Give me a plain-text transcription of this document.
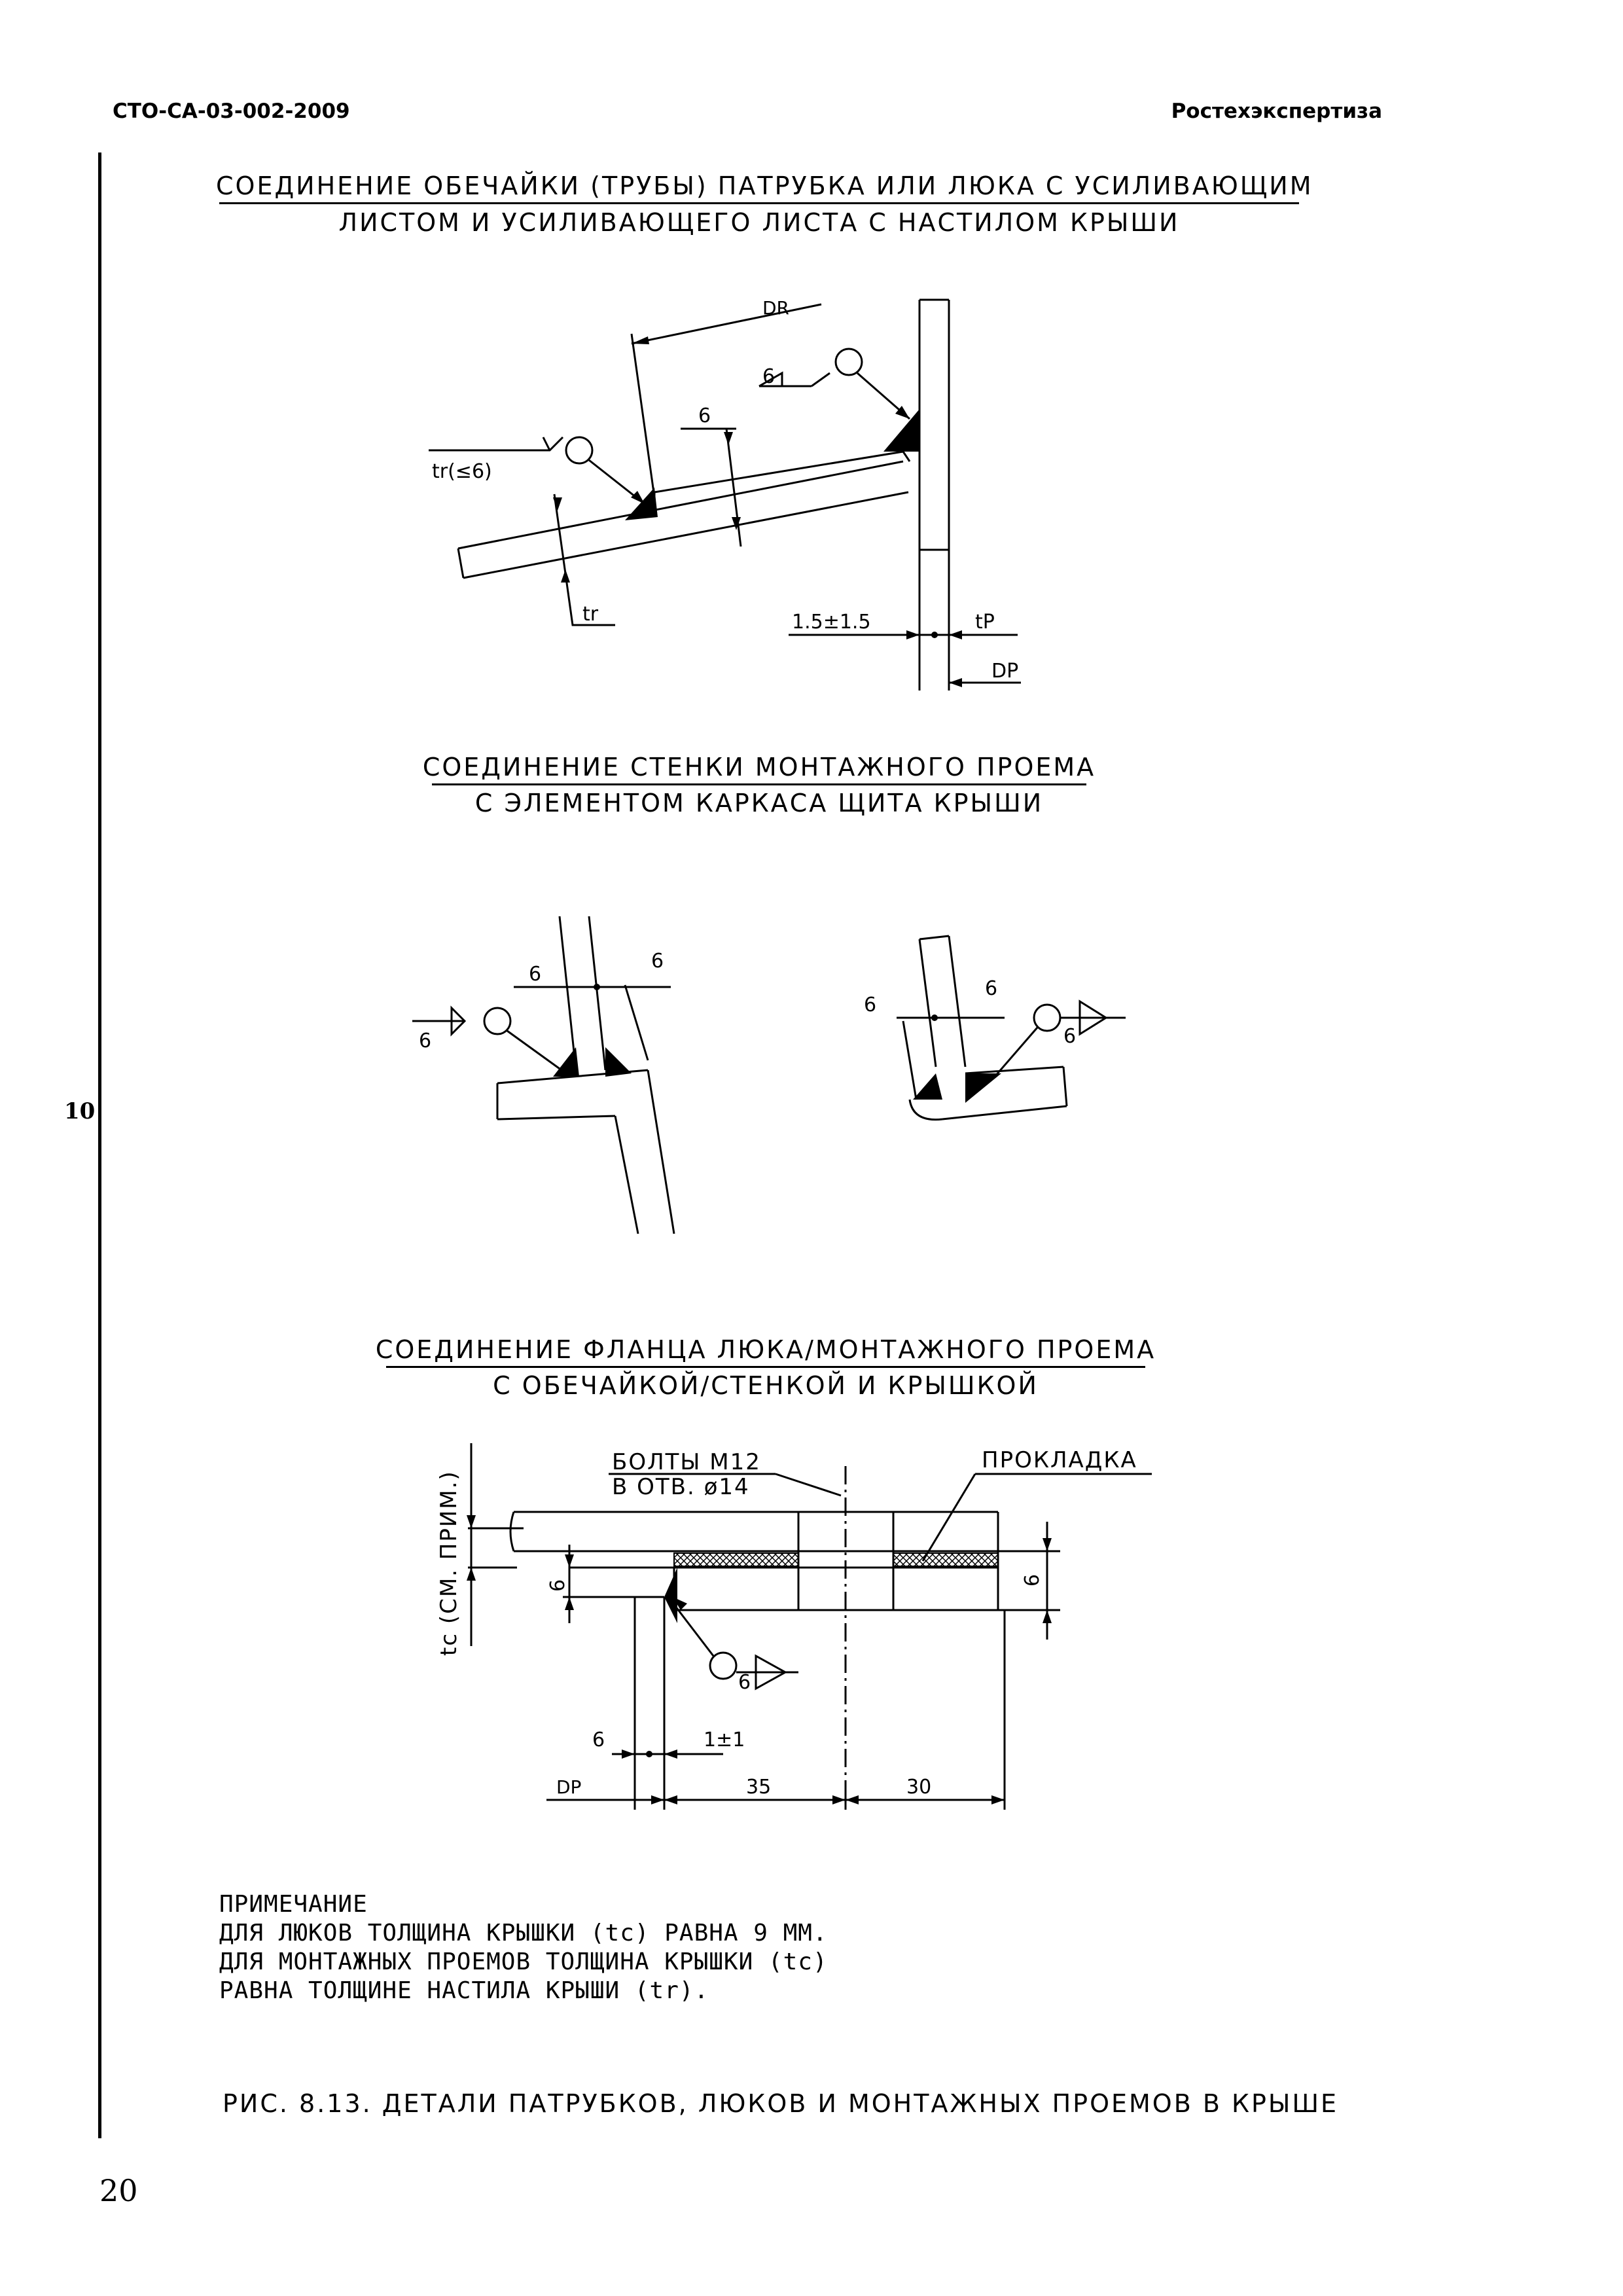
СТО-СА-03-002-2009	Ростехэкспертиза
10
СОЕДИНЕНИЕ ОБЕЧАЙКИ (ТРУБЫ) ПАТРУБКА ИЛИ ЛЮКА С УСИЛИВАЮЩИМ
ЛИСТОМ И УСИЛИВАЮЩЕГО ЛИСТА С НАСТИЛОМ КРЫШИ
DR
6
6
tr(≤6)
tr	1.5±1.5	tP
DP
СОЕДИНЕНИЕ СТЕНКИ МОНТАЖНОГО ПРОЕМА
С ЭЛЕМЕНТОМ КАРКАСА ЩИТА КРЫШИ
6
6
6
6
6
6
СОЕДИНЕНИЕ ФЛАНЦА ЛЮКА/МОНТАЖНОГО ПРОЕМА
С ОБЕЧАЙКОЙ/СТЕНКОЙ И КРЫШКОЙ
БОЛТЫ М12
В ОТВ. ø14
ПРОКЛАДКА
tc (СМ. ПРИМ.)	6	9
6
6	1±1
DP	35	30
ПРИМЕЧАНИЕ
ДЛЯ ЛЮКОВ ТОЛЩИНА КРЫШКИ (tc) РАВНА 9 ММ.
ДЛЯ МОНТАЖНЫХ ПРОЕМОВ ТОЛЩИНА КРЫШКИ (tc)
РАВНА ТОЛЩИНЕ НАСТИЛА КРЫШИ (tr).
РИС. 8.13. ДЕТАЛИ ПАТРУБКОВ, ЛЮКОВ И МОНТАЖНЫХ ПРОЕМОВ В КРЫШЕ
20
